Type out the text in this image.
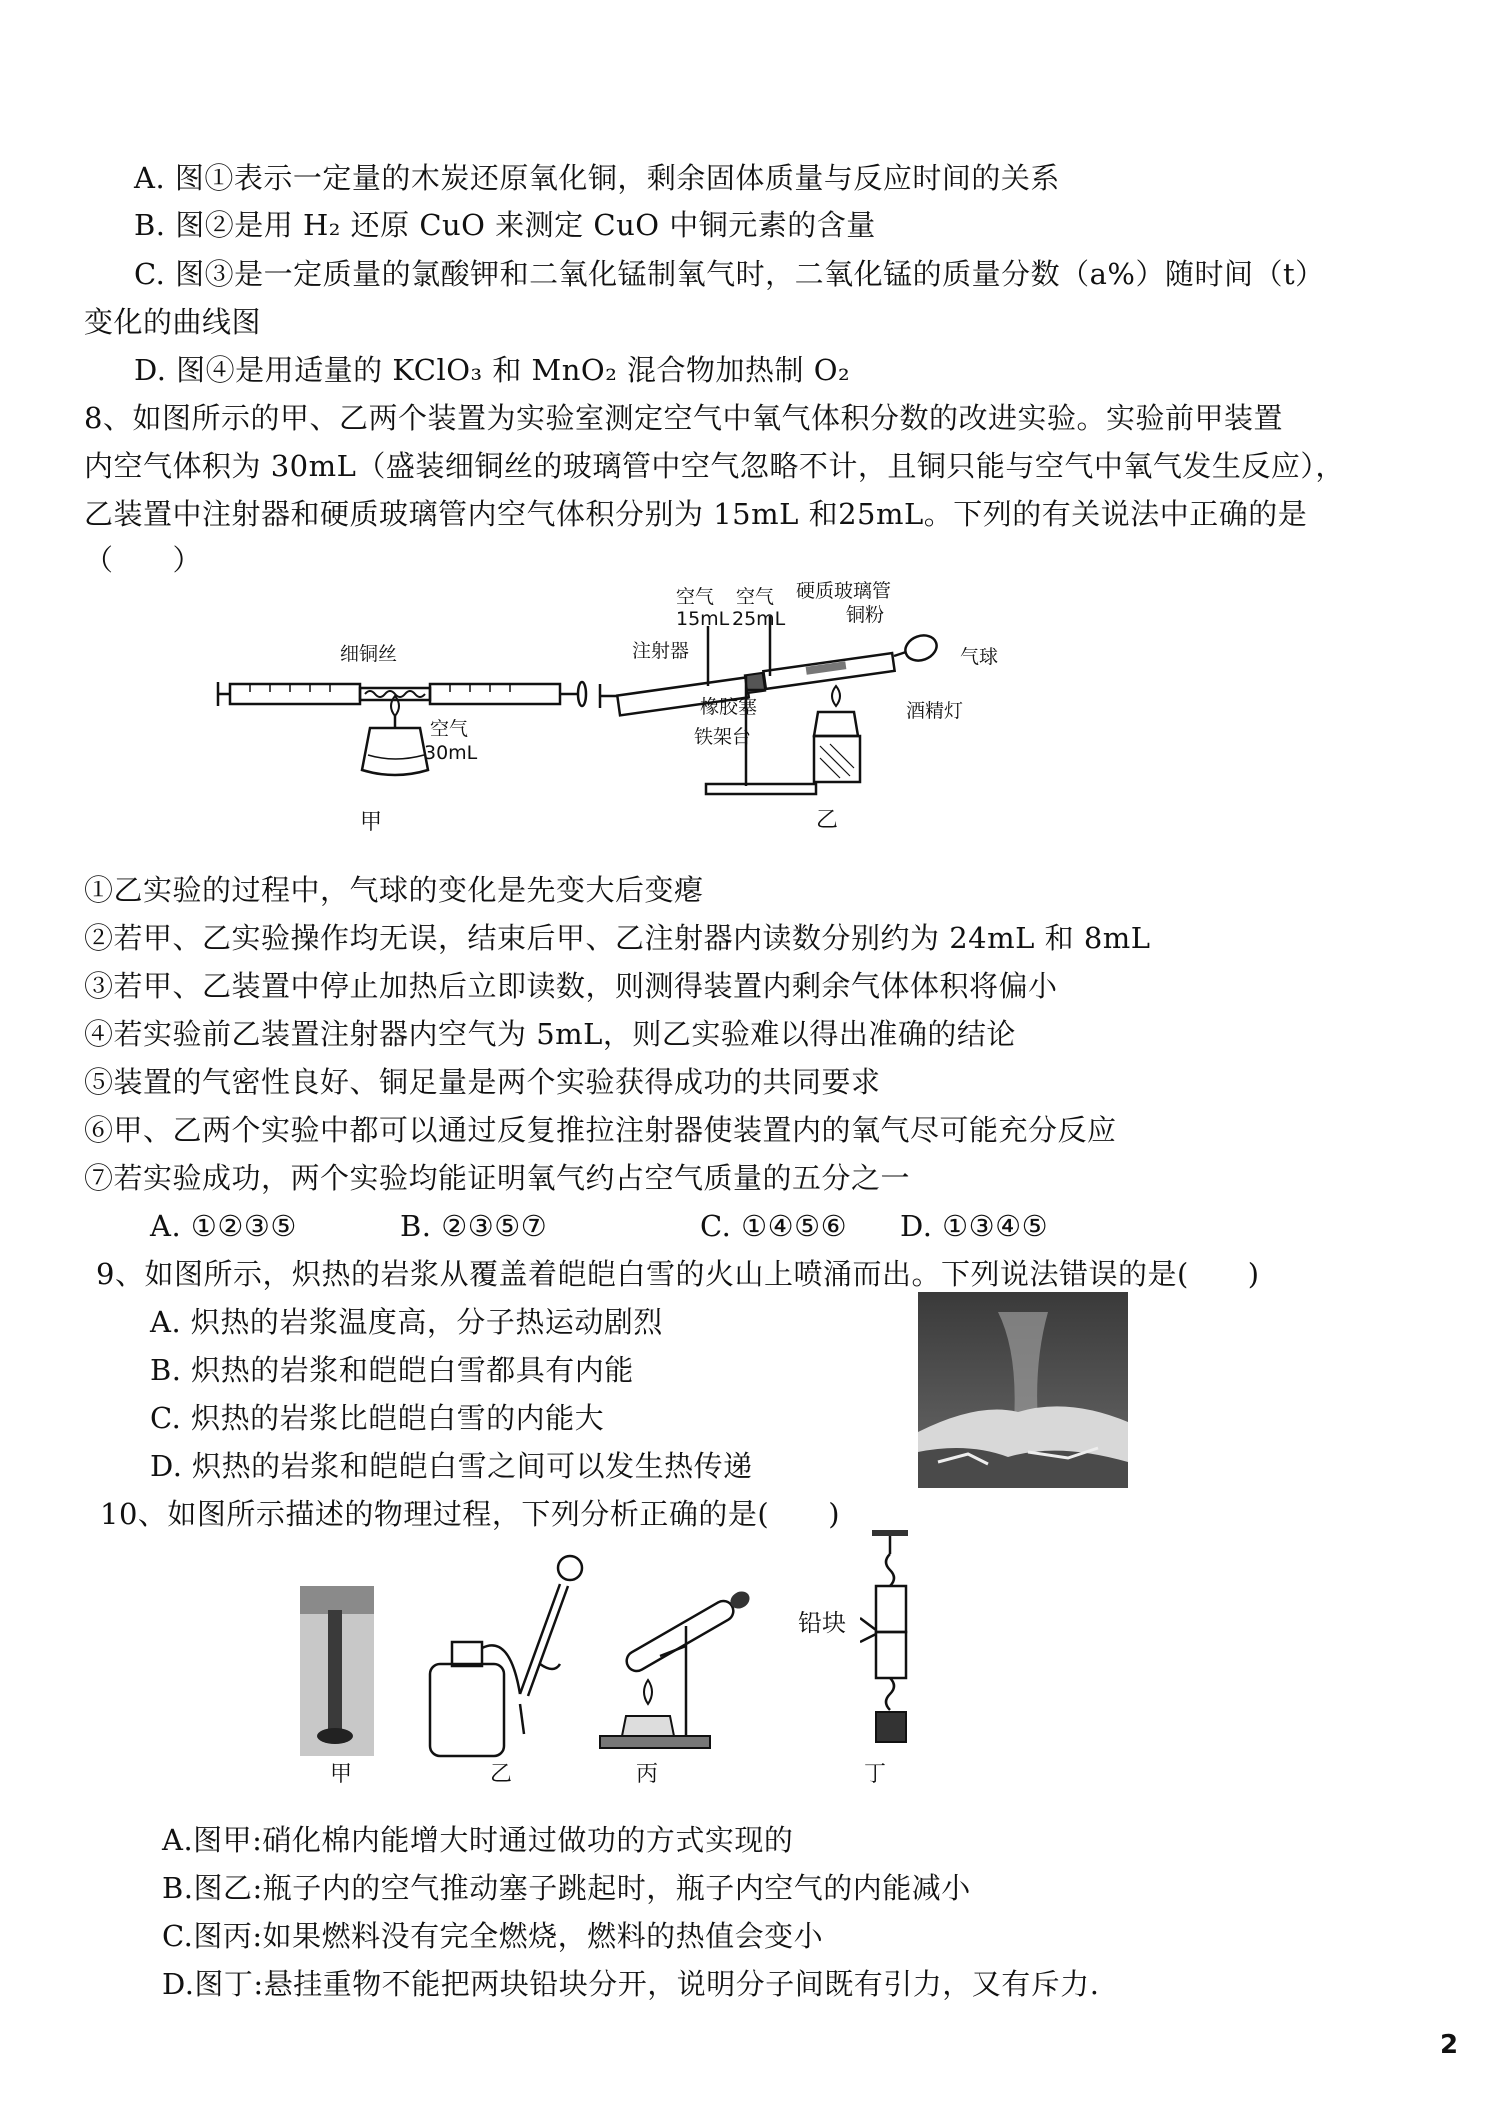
A. 图①表示一定量的木炭还原氧化铜，剩余固体质量与反应时间的关系
B. 图②是用 H₂ 还原 CuO 来测定 CuO 中铜元素的含量
C. 图③是一定质量的氯酸钾和二氧化锰制氧气时，二氧化锰的质量分数（a%）随时间（t）
变化的曲线图
D. 图④是用适量的 KClO₃ 和 MnO₂ 混合物加热制 O₂
8、如图所示的甲、乙两个装置为实验室测定空气中氧气体积分数的改进实验。实验前甲装置
内空气体积为 30mL（盛装细铜丝的玻璃管中空气忽略不计，且铜只能与空气中氧气发生反应），
乙装置中注射器和硬质玻璃管内空气体积分别为 15mL 和25mL。下列的有关说法中正确的是
（　　）
细铜丝
空气
30mL
甲
空气
15mL
空气
25mL
硬质玻璃管
铜粉
注射器	气球
橡胶塞	酒精灯
铁架台
乙
①乙实验的过程中，气球的变化是先变大后变瘪
②若甲、乙实验操作均无误，结束后甲、乙注射器内读数分别约为 24mL 和 8mL
③若甲、乙装置中停止加热后立即读数，则测得装置内剩余气体体积将偏小
④若实验前乙装置注射器内空气为 5mL，则乙实验难以得出准确的结论
⑤装置的气密性良好、铜足量是两个实验获得成功的共同要求
⑥甲、乙两个实验中都可以通过反复推拉注射器使装置内的氧气尽可能充分反应
⑦若实验成功，两个实验均能证明氧气约占空气质量的五分之一
A. ①②③⑤	B. ②③⑤⑦	C. ①④⑤⑥ D. ①③④⑤
9、如图所示，炽热的岩浆从覆盖着皑皑白雪的火山上喷涌而出。下列说法错误的是(　　)
A. 炽热的岩浆温度高，分子热运动剧烈
B. 炽热的岩浆和皑皑白雪都具有内能
C. 炽热的岩浆比皑皑白雪的内能大
D. 炽热的岩浆和皑皑白雪之间可以发生热传递
10、如图所示描述的物理过程，下列分析正确的是(　　)
铅块
甲	乙	丙	丁
A.图甲:硝化棉内能增大时通过做功的方式实现的
B.图乙:瓶子内的空气推动塞子跳起时，瓶子内空气的内能减小
C.图丙:如果燃料没有完全燃烧，燃料的热值会变小
D.图丁:悬挂重物不能把两块铅块分开，说明分子间既有引力，又有斥力.
2
